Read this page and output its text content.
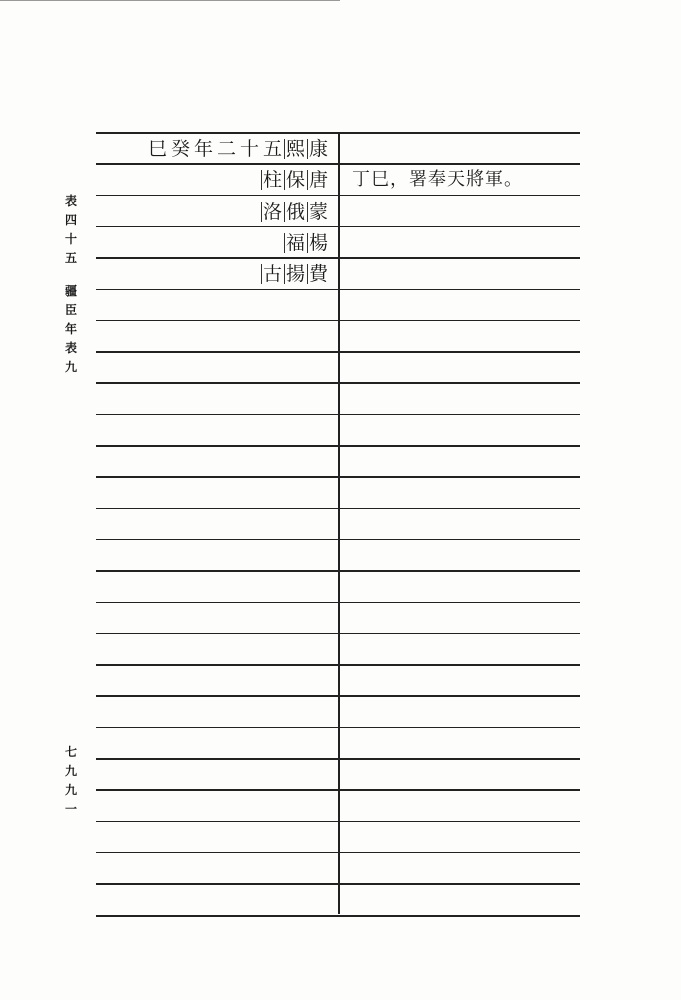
表
四
十
五
疆
臣
年
表
九
七
九
九
一
康
熙
五
十
二
年
癸
巳
唐
保
柱
蒙
俄
洛
楊
福
費
揚
古
丁巳，署奉天將軍。
